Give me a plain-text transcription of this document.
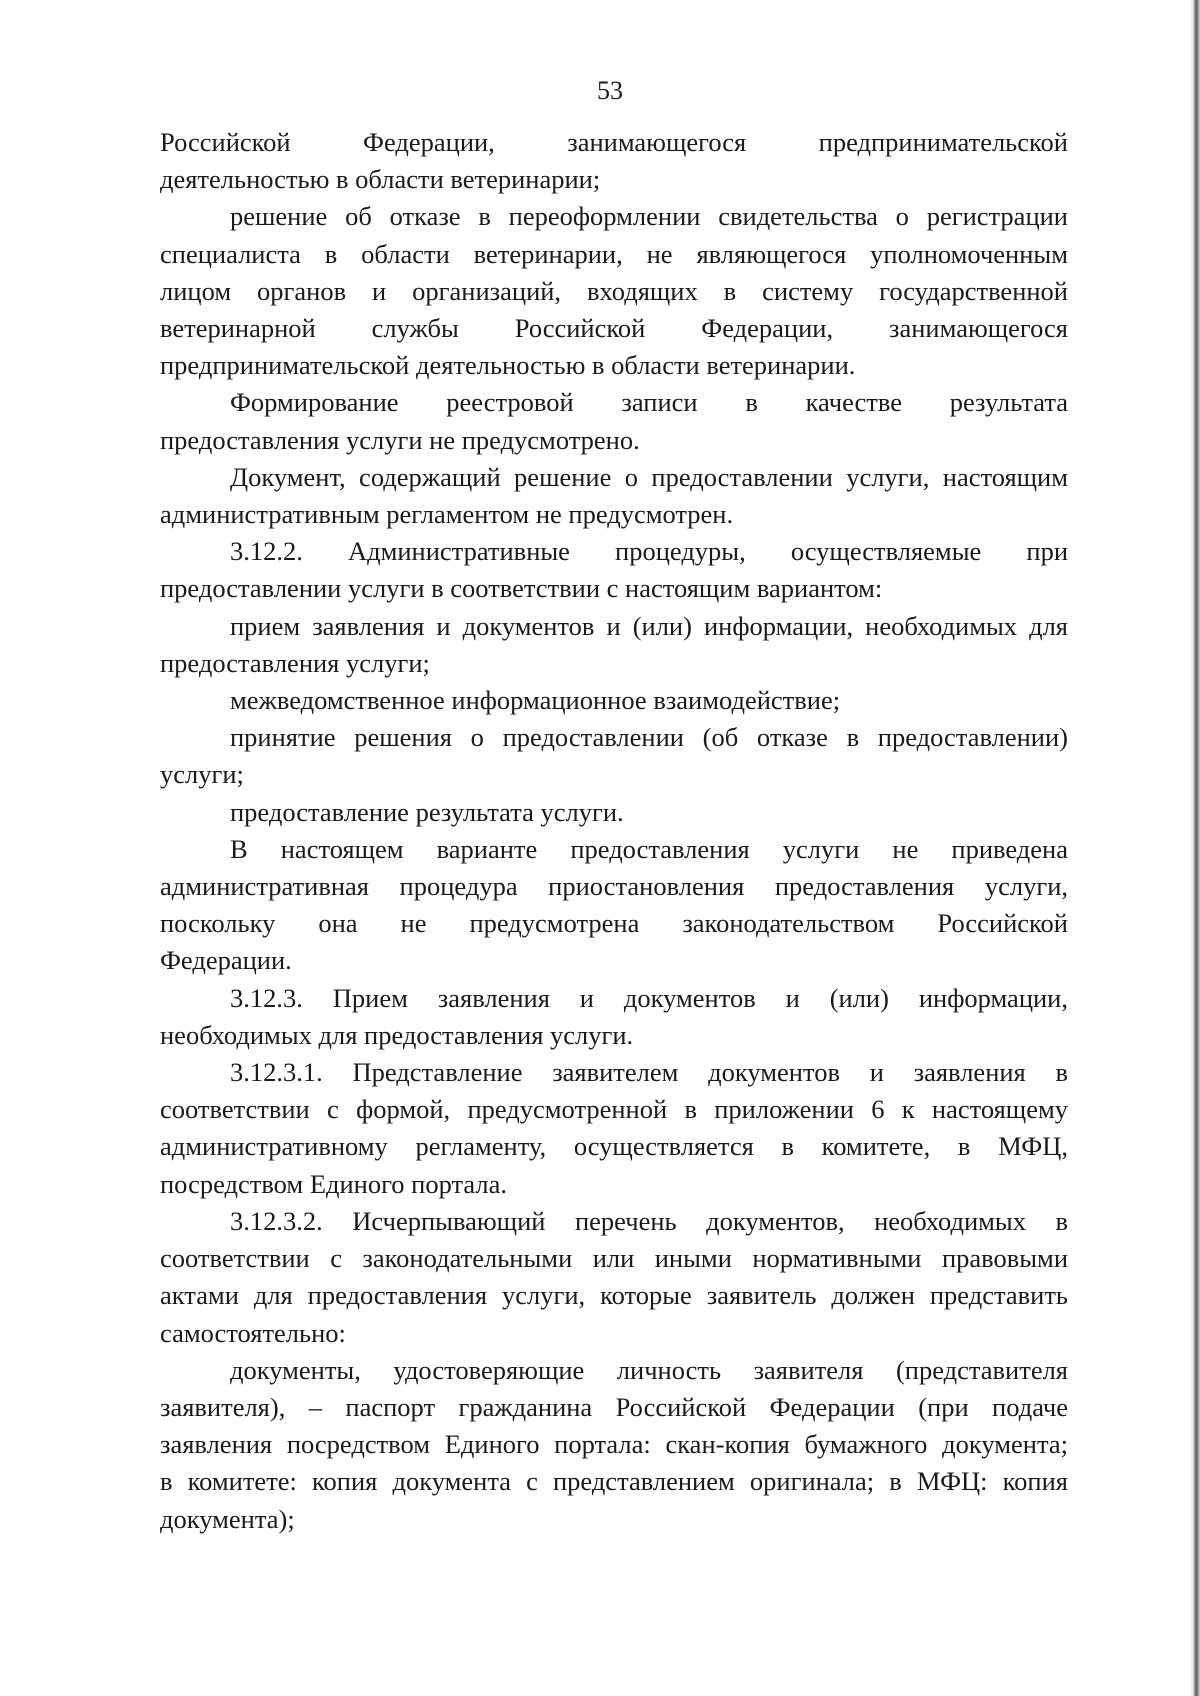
53

Российской Федерации, занимающегося предпринимательской
деятельностью в области ветеринарии;

решение об отказе в переоформлении свидетельства о регистрации
специалиста в области ветеринарии, не являющегося уполномоченным
лицом органов и организаций, входящих в систему государственной
ветеринарной службы Российской Федерации, занимающегося
предпринимательской деятельностью в области ветеринарии.

Формирование реестровой записи в качестве результата
предоставления услуги не предусмотрено.

Документ, содержащий решение о предоставлении услуги, настоящим
административным регламентом не предусмотрен.

3.12.2. Административные процедуры, осуществляемые при
предоставлении услуги в соответствии с настоящим вариантом:

прием заявления и документов и (или) информации, необходимых для
предоставления услуги;

межведомственное информационное взаимодействие;

принятие решения о предоставлении (об отказе в предоставлении)
услуги;

предоставление результата услуги.

В настоящем варианте предоставления услуги не приведена
административная процедура приостановления предоставления услуги,
поскольку она не предусмотрена законодательством Российской
Федерации.

3.12.3. Прием заявления и документов и (или) информации,
необходимых для предоставления услуги.

3.12.3.1. Представление заявителем документов и заявления в
соответствии с формой, предусмотренной в приложении 6 к настоящему
административному регламенту, осуществляется в комитете, в МФЦ,
посредством Единого портала.

3.12.3.2. Исчерпывающий перечень документов, необходимых в
соответствии с законодательными или иными нормативными правовыми
актами для предоставления услуги, которые заявитель должен представить
самостоятельно:

документы, удостоверяющие личность заявителя (представителя
заявителя), – паспорт гражданина Российской Федерации (при подаче
заявления посредством Единого портала: скан-копия бумажного документа;
в комитете: копия документа с представлением оригинала; в МФЦ: копия
документа);
